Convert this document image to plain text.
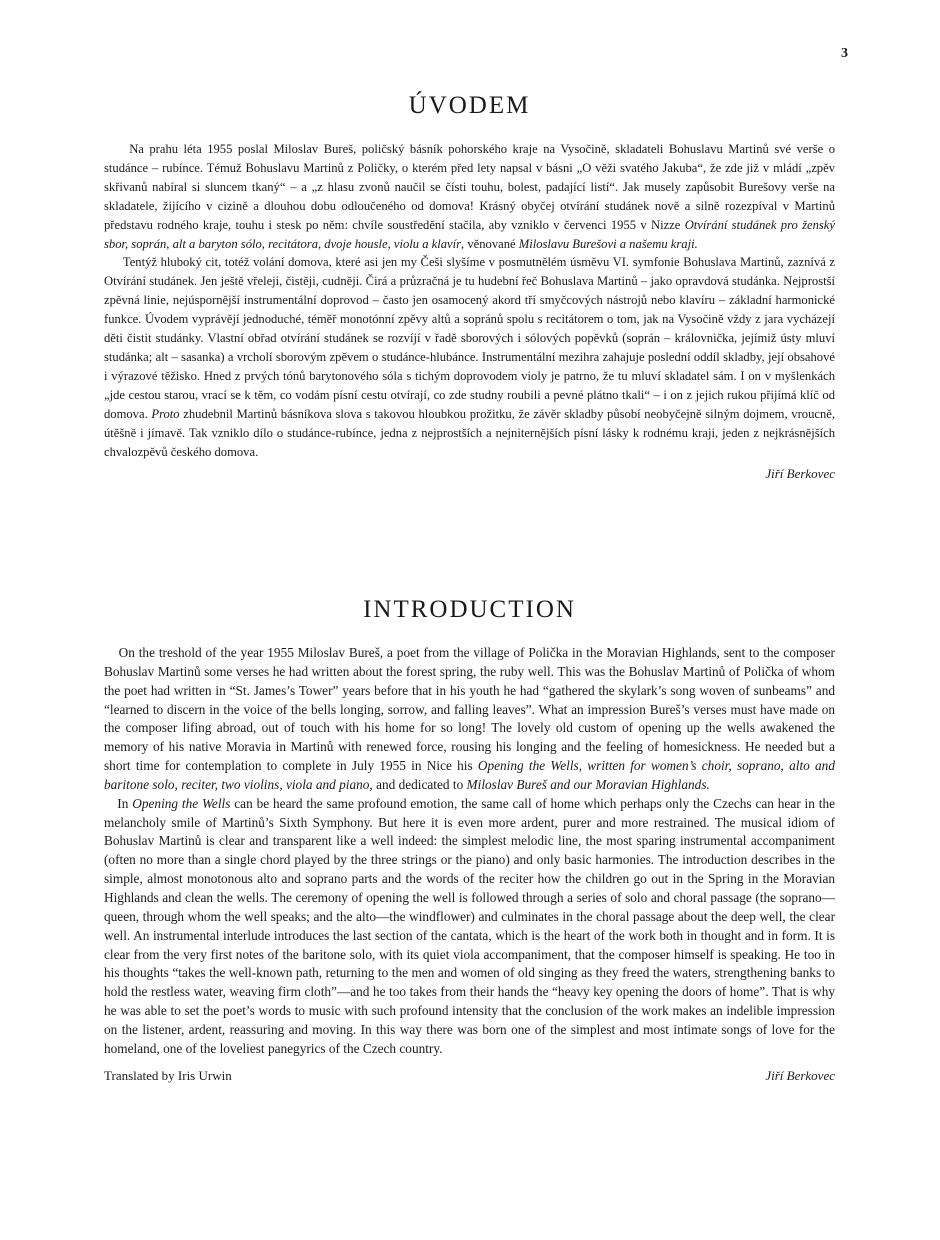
3
ÚVODEM

Na prahu léta 1955 poslal Miloslav Bureš, poličský básník pohorského kraje na Vysočině, skladateli Bohuslavu Martinů své verše o studánce – rubínce. Témuž Bohuslavu Martinů z Poličky, o kterém před lety napsal v básni „O věži svatého Jakuba“, že zde již v mládí „zpěv skřivanů nabíral si sluncem tkaný“ – a „z hlasu zvonů naučil se čísti touhu, bolest, padající listí“. Jak musely zapůsobit Burešovy verše na skladatele, žijícího v cizině a dlouhou dobu odloučeného od domova! Krásný obyčej otvírání studánek nově a silně rozezpíval v Martinů představu rodného kraje, touhu i stesk po něm: chvíle soustředění stačila, aby vzniklo v červenci 1955 v Nizze Otvírání studánek pro ženský sbor, soprán, alt a baryton sólo, recitátora, dvoje housle, violu a klavír, věnované Miloslavu Burešovi a našemu kraji.

Tentýž hluboký cit, totéž volání domova, které asi jen my Češi slyšíme v posmutnělém úsměvu VI. symfonie Bohuslava Martinů, zaznívá z Otvírání studánek. Jen ještě vřeleji, čistěji, cudněji. Čirá a průzračná je tu hudební řeč Bohuslava Martinů – jako opravdová studánka. Nejprostší zpěvná linie, nejúspornější instrumentální doprovod – často jen osamocený akord tří smyčcových nástrojů nebo klavíru – základní harmonické funkce. Úvodem vyprávějí jednoduché, téměř monotónní zpěvy altů a sopránů spolu s recitátorem o tom, jak na Vysočině vždy z jara vycházejí děti čistit studánky. Vlastní obřad otvírání studánek se rozvíjí v řadě sborových i sólových popěvků (soprán – královnička, jejímiž ústy mluví studánka; alt – sasanka) a vrcholí sborovým zpěvem o studánce-hlubánce. Instrumentální mezihra zahajuje poslední oddíl skladby, její obsahové i výrazové těžisko. Hned z prvých tónů barytonového sóla s tichým doprovodem violy je patrno, že tu mluví skladatel sám. I on v myšlenkách „jde cestou starou, vrací se k těm, co vodám písní cestu otvírají, co zde studny roubili a pevné plátno tkali“ – i on z jejich rukou přijímá klíč od domova. Proto zhudebnil Martinů básníkova slova s takovou hloubkou prožitku, že závěr skladby působí neobyčejně silným dojmem, vroucně, útěšně i jímavě. Tak vzniklo dílo o studánce-rubínce, jedna z nejprostších a nejniternějších písní lásky k rodnému kraji, jeden z nejkrásnějších chvalozpěvů českého domova.

Jiří Berkovec
INTRODUCTION

On the treshold of the year 1955 Miloslav Bureš, a poet from the village of Polička in the Moravian Highlands, sent to the composer Bohuslav Martinů some verses he had written about the forest spring, the ruby well. This was the Bohuslav Martinů of Polička of whom the poet had written in “St. James’s Tower” years before that in his youth he had “gathered the skylark’s song woven of sunbeams” and “learned to discern in the voice of the bells longing, sorrow, and falling leaves”. What an impression Bureš’s verses must have made on the composer lifing abroad, out of touch with his home for so long! The lovely old custom of opening up the wells awakened the memory of his native Moravia in Martinů with renewed force, rousing his longing and the feeling of homesickness. He needed but a short time for contemplation to complete in July 1955 in Nice his Opening the Wells, written for women’s choir, soprano, alto and baritone solo, reciter, two violins, viola and piano, and dedicated to Miloslav Bureš and our Moravian Highlands.

In Opening the Wells can be heard the same profound emotion, the same call of home which perhaps only the Czechs can hear in the melancholy smile of Martinů’s Sixth Symphony. But here it is even more ardent, purer and more restrained. The musical idiom of Bohuslav Martinů is clear and transparent like a well indeed: the simplest melodic line, the most sparing instrumental accompaniment (often no more than a single chord played by the three strings or the piano) and only basic harmonies. The introduction describes in the simple, almost monotonous alto and soprano parts and the words of the reciter how the children go out in the Spring in the Moravian Highlands and clean the wells. The ceremony of opening the well is followed through a series of solo and choral passage (the soprano—queen, through whom the well speaks; and the alto—the windflower) and culminates in the choral passage about the deep well, the clear well. An instrumental interlude introduces the last section of the cantata, which is the heart of the work both in thought and in form. It is clear from the very first notes of the baritone solo, with its quiet viola accompaniment, that the composer himself is speaking. He too in his thoughts “takes the well-known path, returning to the men and women of old singing as they freed the waters, strengthening banks to hold the restless water, weaving firm cloth”—and he too takes from their hands the “heavy key opening the doors of home”. That is why he was able to set the poet’s words to music with such profound intensity that the conclusion of the work makes an indelible impression on the listener, ardent, reassuring and moving. In this way there was born one of the simplest and most intimate songs of love for the homeland, one of the loveliest panegyrics of the Czech country.

Translated by Iris Urwin	Jiří Berkovec
